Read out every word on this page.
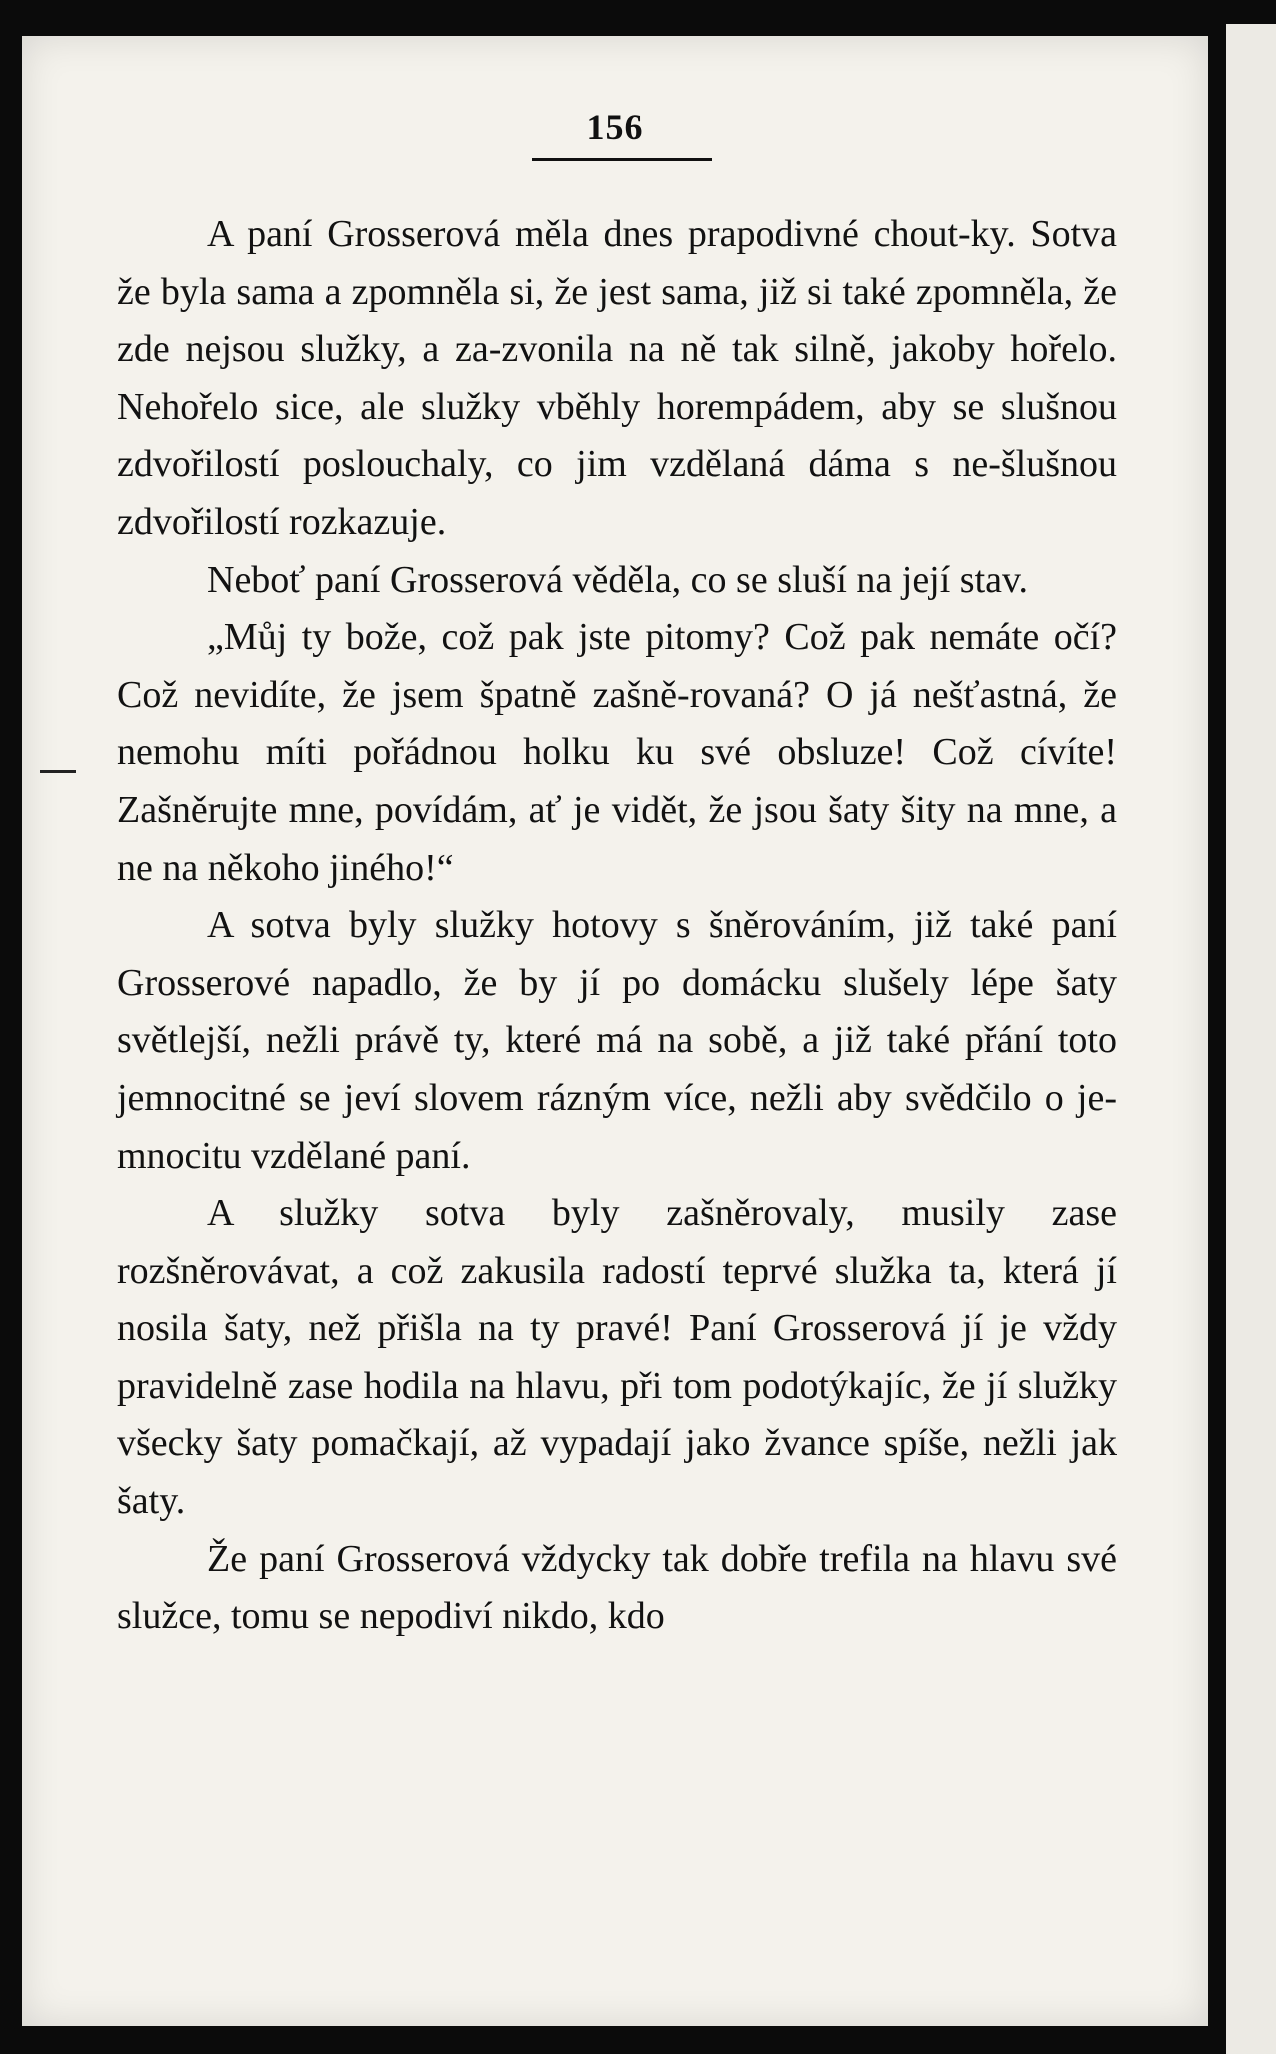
156

A paní Grosserová měla dnes prapodivné chout-ky. Sotva že byla sama a zpomněla si, že jest sama, již si také zpomněla, že zde nejsou služky, a za-zvonila na ně tak silně, jakoby hořelo. Nehořelo sice, ale služky vběhly horempádem, aby se slušnou zdvořilostí poslouchaly, co jim vzdělaná dáma s ne-šlušnou zdvořilostí rozkazuje.

Neboť paní Grosserová věděla, co se sluší na její stav.

„Můj ty bože, což pak jste pitomy? Což pak nemáte očí? Což nevidíte, že jsem špatně zašně-rovaná? O já nešťastná, že nemohu míti pořádnou holku ku své obsluze! Což cívíte! Zašněrujte mne, povídám, ať je vidět, že jsou šaty šity na mne, a ne na někoho jiného!“

A sotva byly služky hotovy s šněrováním, již také paní Grosserové napadlo, že by jí po domácku slušely lépe šaty světlejší, nežli právě ty, které má na sobě, a již také přání toto jemnocitné se jeví slovem rázným více, nežli aby svědčilo o je-mnocitu vzdělané paní.

A služky sotva byly zašněrovaly, musily zase rozšněrovávat, a což zakusila radostí teprvé služka ta, která jí nosila šaty, než přišla na ty pravé! Paní Grosserová jí je vždy pravidelně zase hodila na hlavu, při tom podotýkajíc, že jí služky všecky šaty pomačkají, až vypadají jako žvance spíše, nežli jak šaty.

Že paní Grosserová vždycky tak dobře trefila na hlavu své služce, tomu se nepodiví nikdo, kdo
